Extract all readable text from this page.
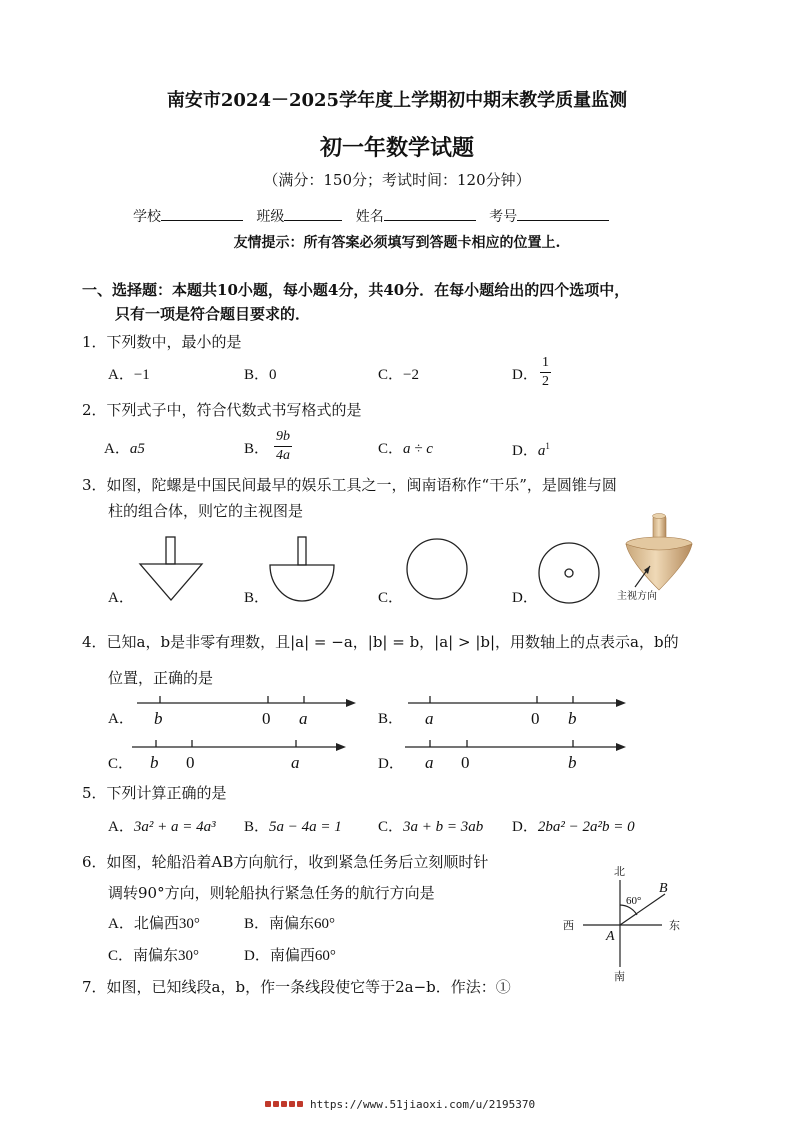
南安市2024－2025学年度上学期初中期末教学质量监测
初一年数学试题
（满分：150分；考试时间：120分钟）
学校	班级	姓名	考号
友情提示：所有答案必须填写到答题卡相应的位置上.
一、选择题：本题共10小题，每小题4分，共40分．在每小题给出的四个选项中，
只有一项是符合题目要求的．
1．下列数中，最小的是
A．−1	B．0	C．−2	D． $\frac{1}{2}$
2．下列式子中，符合代数式书写格式的是
A．a5	B． $\frac{9b}{4a}$	C．a ÷ c	D．$a^1$
3．如图，陀螺是中国民间最早的娱乐工具之一，闽南语称作“干乐”，是圆锥与圆
柱的组合体，则它的主视图是
A．	B．	C．	D．	主视方向
4．已知a，b是非零有理数，且|a| = −a，|b| = b，|a| > |b|，用数轴上的点表示a，b的
位置，正确的是
A．	B．
C．	D．
b	0 a	a	0 b
b 0	a	a 0	b
5．下列计算正确的是
A．3a² + a = 4a³ B．5a − 4a = 1 C．3a + b = 3ab D．2ba² − 2a²b = 0
6．如图，轮船沿着AB方向航行，收到紧急任务后立刻顺时针
调转90°方向，则轮船执行紧急任务的航行方向是
A．北偏西30°	B．南偏东60°
C．南偏东30°	D．南偏西60°
北
南
西	东
A
B
60°
7．如图，已知线段a，b，作一条线段使它等于2a−b．作法：①
https://www.51jiaoxi.com/u/2195370
